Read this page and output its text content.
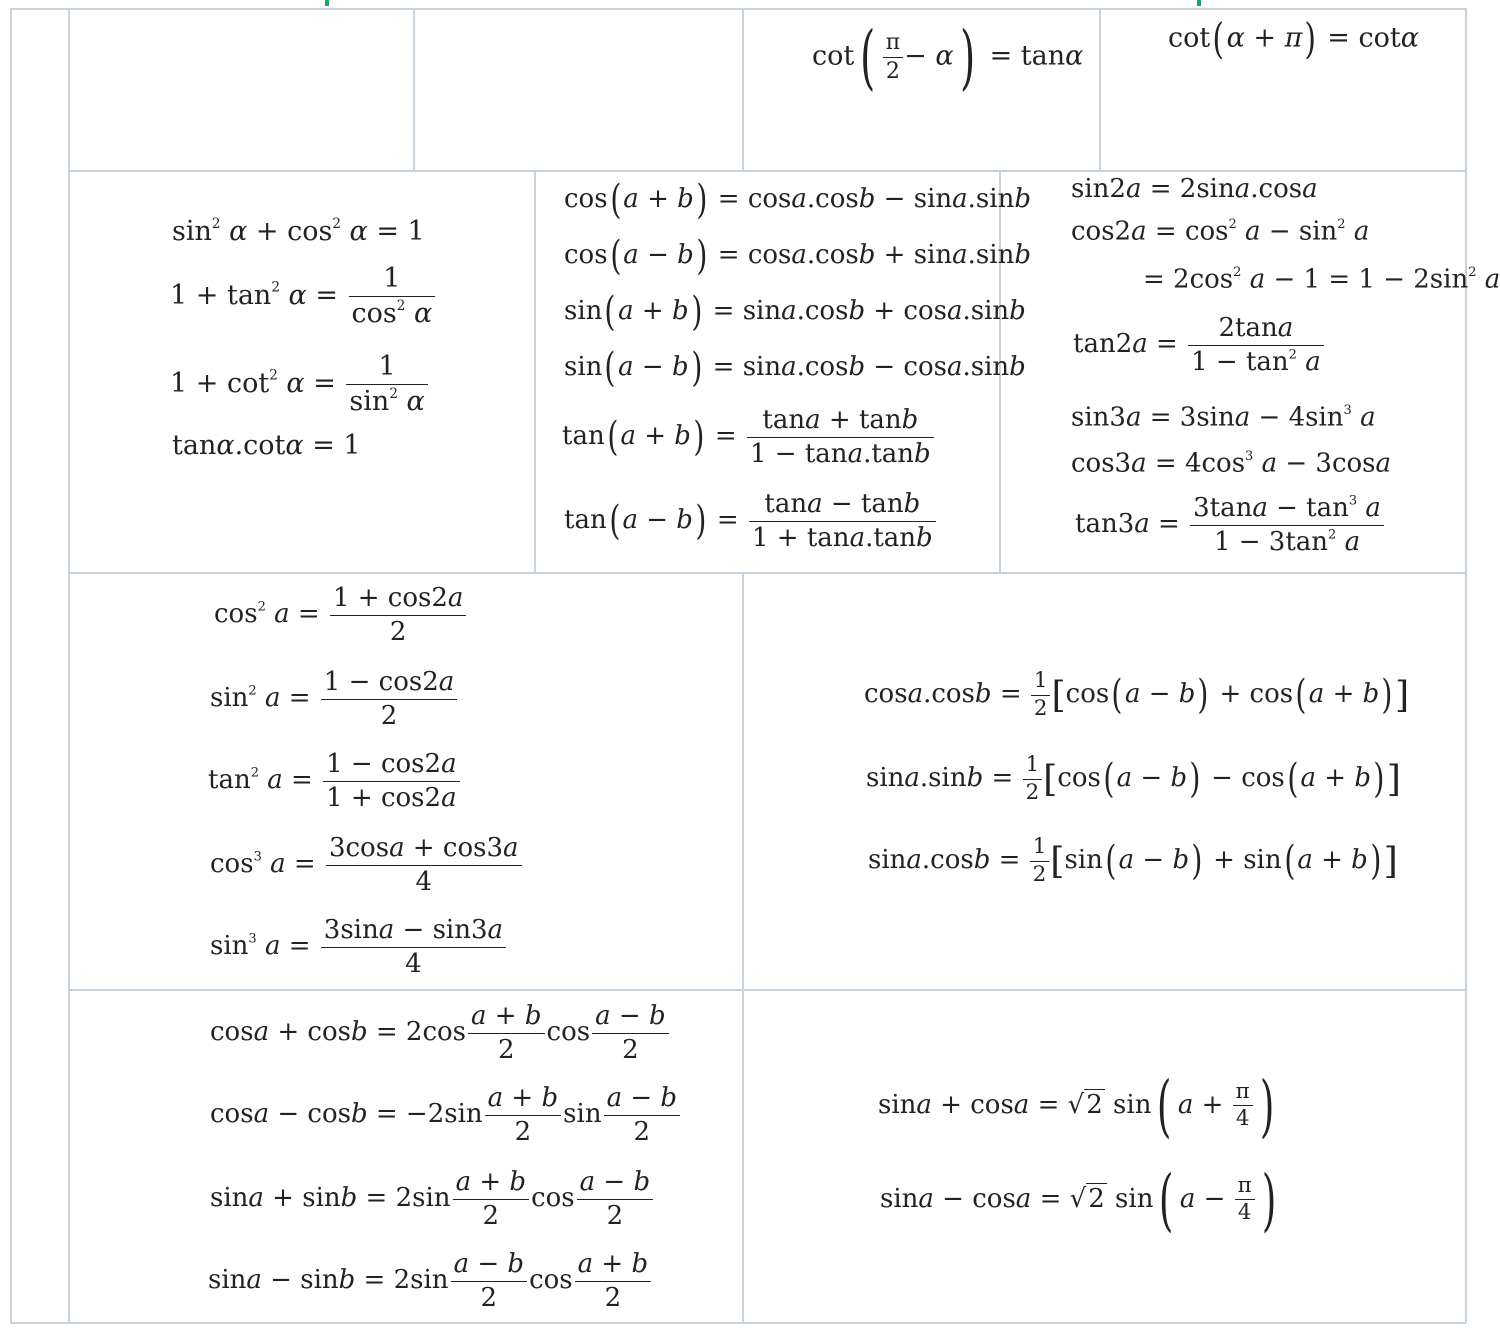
$\cot( \frac{\pi}{2} - \alpha) = \tan\alpha$
cot(α + π) = cotα
$\sin^2 \alpha + \cos^2 \alpha = 1$
$1 + \tan^2 \alpha = \frac{1}{\cos^2 \alpha}$
$1 + \cot^2 \alpha = \frac{1}{\sin^2 \alpha}$
tanα.cotα = 1
cos(a + b) = cosa.cosb − sina.sinb
cos(a − b) = cosa.cosb + sina.sinb
sin(a + b) = sina.cosb + cosa.sinb
sin(a − b) = sina.cosb − cosa.sinb
$\tan(a + b) = \frac{\tan a + \tan b}{1 - \tan a.\tan b}$
$\tan(a - b) = \frac{\tan a - \tan b}{1 + \tan a.\tan b}$
sin2a = 2sina.cosa
$\cos 2a = \cos^2 a - \sin^2 a$
= $2\cos^2$ $a - 1 = 1 - 2\sin^2$ a
$\tan 2a = \frac{2\tan a}{1 - \tan^2 a}$
$\sin 3a = 3\sin a - 4\sin^3$ a
$\cos 3a = 4\cos^3$ a − 3cosa
$\tan 3a = \frac{3\tan a - \tan^3 a}{1 - 3\tan^2 a}$
$\cos^2 a = \frac{1 + \cos 2a}{2}$
$\sin^2 a = \frac{1 - \cos 2a}{2}$
$\tan^2 a = \frac{1 - \cos 2a}{1 + \cos 2a}$
$\cos^3 a = \frac{3\cos a + \cos 3a}{4}$
$\sin^3 a = \frac{3\sin a - \sin 3a}{4}$
$\cos a.\cos b = \frac{1}{2} [\cos(a - b) + \cos(a + b)]$
$\sin a.\sin b = \frac{1}{2} [\cos(a - b) - \cos(a + b)]$
$\sin a.\cos b = \frac{1}{2} [\sin(a - b) + \sin(a + b)]$
$\cos a + \cos b = 2\cos \frac{a + b}{2}$ $\cos \frac{a - b}{2}$
$\cos a - \cos b = -2\sin \frac{a + b}{2}$ $\sin \frac{a - b}{2}$
$\sin a + \sin b = 2\sin \frac{a + b}{2}$ $\cos \frac{a - b}{2}$
$\sin a - \sin b = 2\sin \frac{a - b}{2}$ $\cos \frac{a + b}{2}$
sina + cosa = √2 sin( $a + \frac{\pi}{4}$ )
sina − cosa = √2 sin( $a - \frac{\pi}{4}$ )
